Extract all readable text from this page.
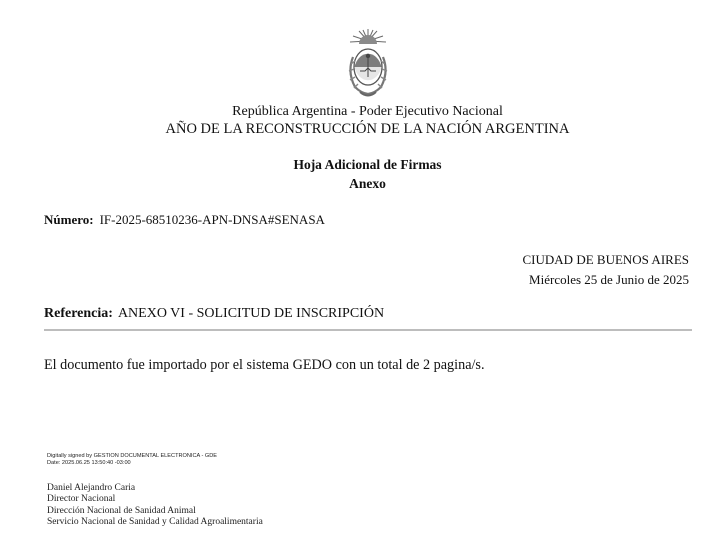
República Argentina - Poder Ejecutivo Nacional
AÑO DE LA RECONSTRUCCIÓN DE LA NACIÓN ARGENTINA
Hoja Adicional de Firmas
Anexo
Número: IF-2025-68510236-APN-DNSA#SENASA
CIUDAD DE BUENOS AIRES
Miércoles 25 de Junio de 2025
Referencia: ANEXO VI - SOLICITUD DE INSCRIPCIÓN
El documento fue importado por el sistema GEDO con un total de 2 pagina/s.
Digitally signed by GESTION DOCUMENTAL ELECTRONICA - GDE
Date: 2025.06.25 13:50:40 -03:00
Daniel Alejandro Caria
Director Nacional
Dirección Nacional de Sanidad Animal
Servicio Nacional de Sanidad y Calidad Agroalimentaria
